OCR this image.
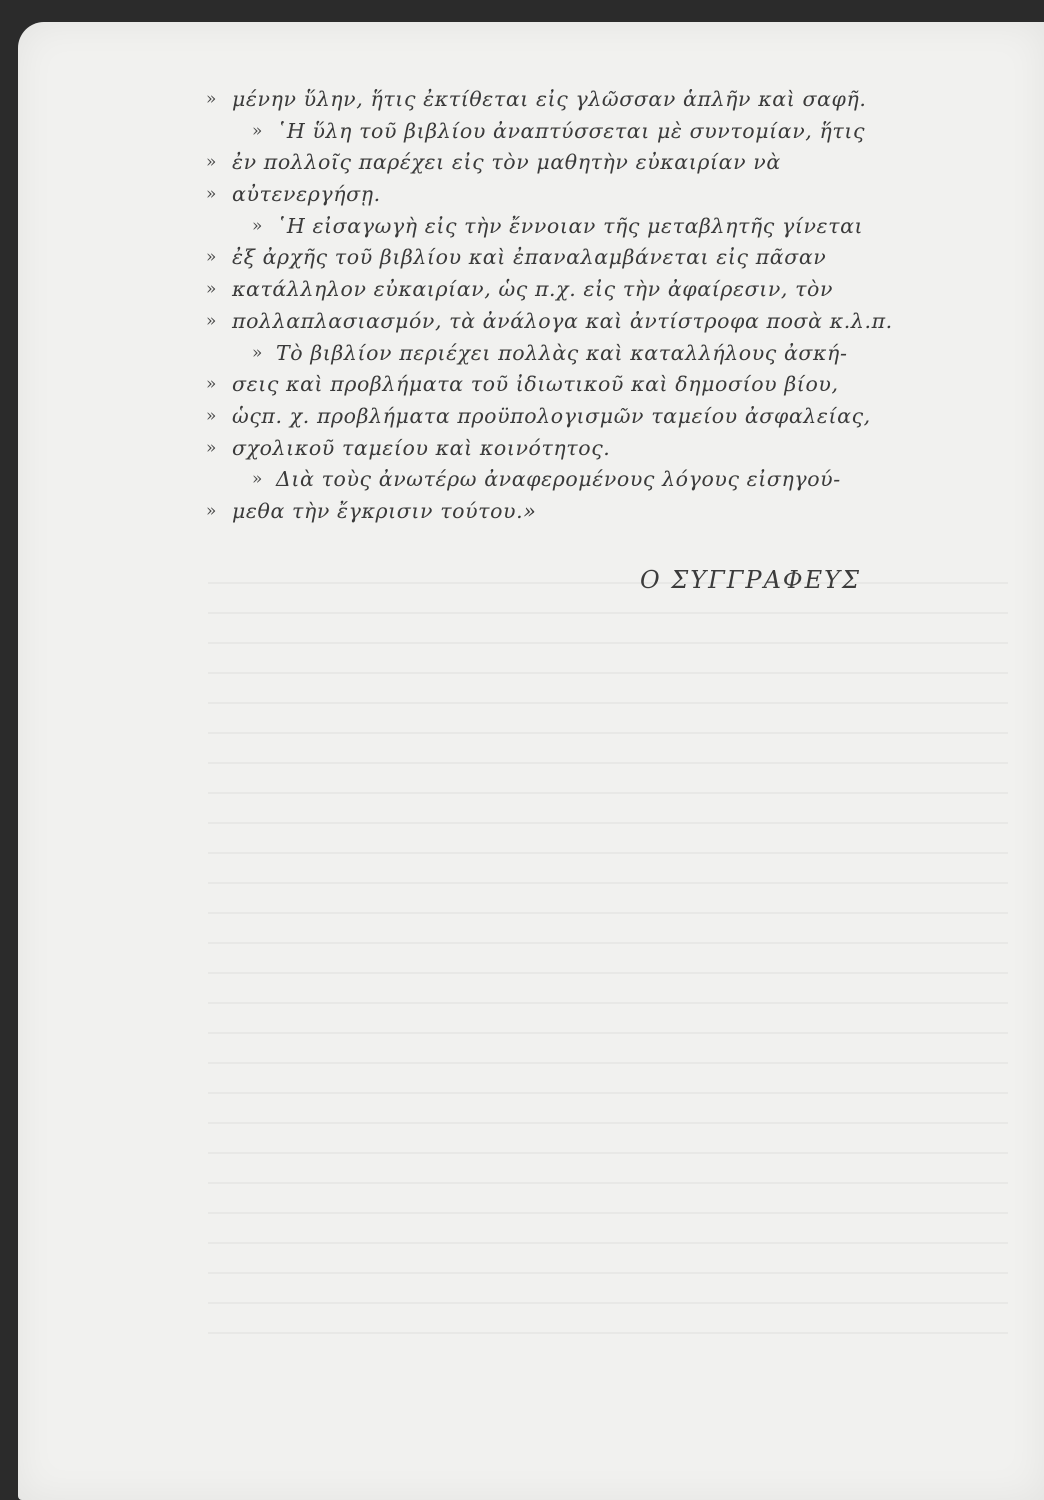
» μένην ὕλην, ἥτις ἐκτίθεται εἰς γλῶσσαν ἁπλῆν καὶ σαφῆ.
» ῾Η ὕλη τοῦ βιβλίου ἀναπτύσσεται μὲ συντομίαν, ἥτις
» ἐν πολλοῖς παρέχει εἰς τὸν μαθητὴν εὐκαιρίαν νὰ
» αὐτενεργήσῃ.
» ῾Η εἰσαγωγὴ εἰς τὴν ἔννοιαν τῆς μεταβλητῆς γίνεται
» ἐξ ἀρχῆς τοῦ βιβλίου καὶ ἐπαναλαμβάνεται εἰς πᾶσαν
» κατάλληλον εὐκαιρίαν, ὡς π.χ. εἰς τὴν ἀφαίρεσιν, τὸν
» πολλαπλασιασμόν, τὰ ἀνάλογα καὶ ἀντίστροφα ποσὰ κ.λ.π.
» Τὸ βιβλίον περιέχει πολλὰς καὶ καταλλήλους ἀσκή-
» σεις καὶ προβλήματα τοῦ ἰδιωτικοῦ καὶ δημοσίου βίου,
» ὡςπ. χ. προβλήματα προϋπολογισμῶν ταμείου ἀσφαλείας,
» σχολικοῦ ταμείου καὶ κοινότητος.
» Διὰ τοὺς ἀνωτέρω ἀναφερομένους λόγους εἰσηγού-
» μεθα τὴν ἔγκρισιν τούτου.»
Ο ΣΥΓΓΡΑΦΕΥΣ
